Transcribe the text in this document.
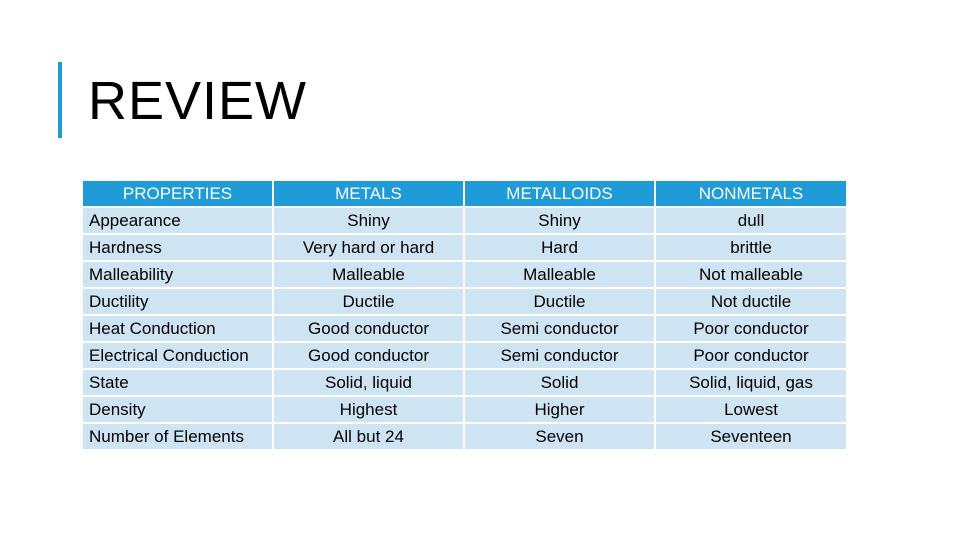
REVIEW
PROPERTIES	METALS	METALLOIDS	NONMETALS
Appearance	Shiny	Shiny	dull
Hardness	Very hard or hard	Hard	brittle
Malleability	Malleable	Malleable	Not malleable
Ductility	Ductile	Ductile	Not ductile
Heat Conduction	Good conductor	Semi conductor	Poor conductor
Electrical Conduction	Good conductor	Semi conductor	Poor conductor
State	Solid, liquid	Solid	Solid, liquid, gas
Density	Highest	Higher	Lowest
Number of Elements	All but 24	Seven	Seventeen
